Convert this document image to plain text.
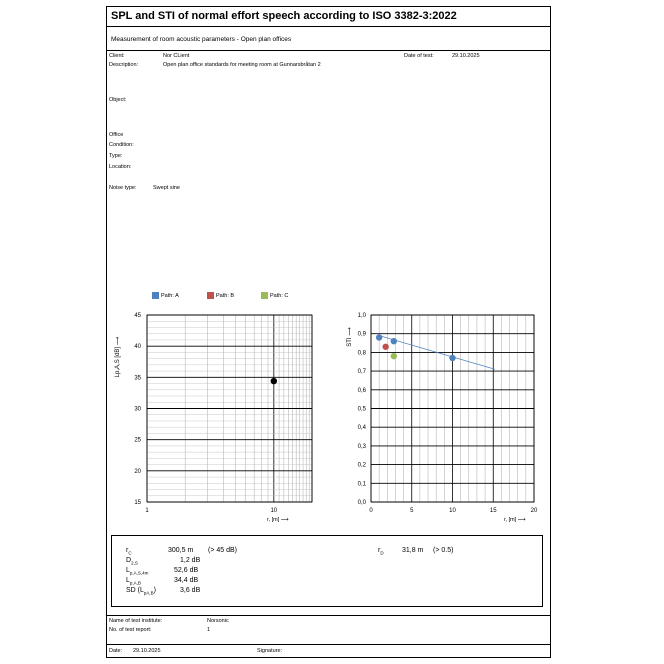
SPL and STI of normal effort speech according to ISO 3382-3:2022
Measurement of room acoustic parameters - Open plan offices
Client:	Nor CLient	Date of test:	29.10.2025
Description:	Open plan office standards for meeting room at Gunnarsbråtan 2
Object:
Office
Condition:
Type:
Location:
Noise type:	Swept sine
Path: A	Path: B	Path: C
15
20
25
30
35
40
45
1	10
r, [m] ⟶
Lp,A,S [dB] ⟶
0,0
0,1
0,2
0,3
0,4
0,5
0,6
0,7
0,8
0,9
1,0
0	5	10	15	20
r, [m] ⟶
STI ⟶
$r_C$	300,5 m (> 45 dB)
$D_{2,S}$	1,2 dB
$L_{p,A,S,4m}$	52,6 dB
$L_{p,A,B}$	34,4 dB
SD $(L_{pA,B})$	3,6 dB
$r_D$	31,8 m (> 0.5)
Name of test institute:	Norsonic
No. of test report:	1
Date: 29.10.2025	Signature:
